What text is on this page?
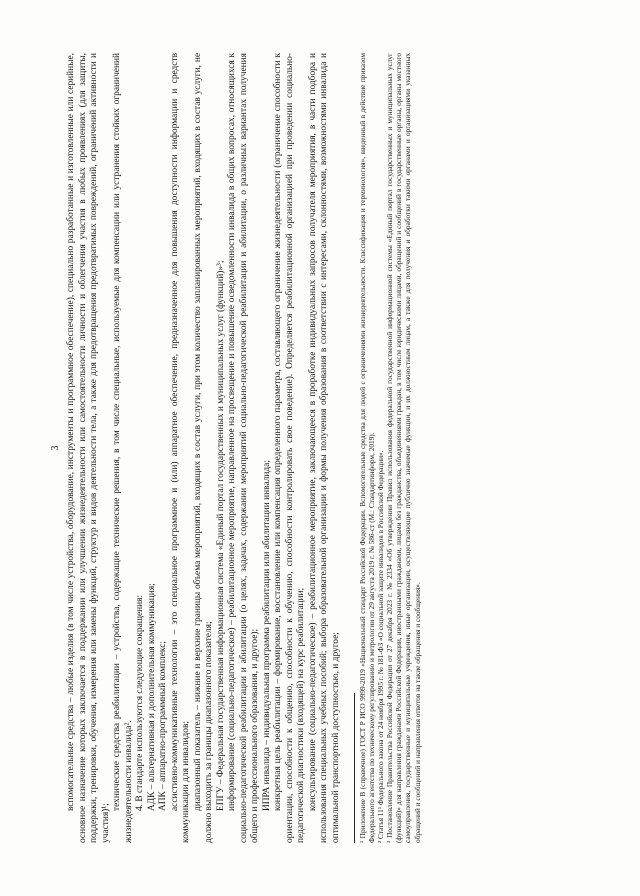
3 вспомогательные средства – любые изделия (в том числе устройства, оборудование, инструменты и программное обеспечение), специально разработанные и изготовленные или серийные, основное назначение которых заключается в поддержании или улучшении жизнедеятельности или самостоятельности личности и облегчения участия в любых проявлениях (для защиты, поддержки, тренировки, обучения, измерения или замены функций, структур и видов деятельности тела, а также для предотвращения предотвратимых повреждений, ограничений активности и участия)¹;

технические средства реабилитации – устройства, содержащие технические решения, в том числе специальные, используемые для компенсации или устранения стойких ограничений жизнедеятельности инвалида². 4. В стандарте используются следующие сокращения: АДК – альтернативная и дополнительная коммуникация; АПК – аппаратно-программный комплекс; ассистивно-коммуникативные технологии – это специальное программное и (или) аппаратное обеспечение, предназначенное для повышения доступности информации и средств коммуникации для инвалидов; диапазонный показатель – нижние и верхние границы объема мероприятий, входящих в состав услуги, при этом количество запланированных мероприятий, входящих в состав услуги, не должно выходить за границы диапазонного показателя; ЕПГУ – Федеральная государственная информационная система «Единый портал государственных и муниципальных услуг (функций)»³; информирование (социально-педагогическое) – реабилитационное мероприятие, направленное на просвещение и повышение осведомленности инвалида в общих вопросах, относящихся к социально-педагогической реабилитации и абилитации (о целях, задачах, содержании мероприятий социально-педагогической реабилитации и абилитации, о различных вариантах получения общего и профессионального образования, и другое); ИПРА инвалида – индивидуальная программа реабилитации или абилитации инвалида; конкретная цель реабилитации – формирование, восстановление или компенсация определенного параметра, составляющего ограничение жизнедеятельности (ограничение способности к ориентации, способности к общению, способности к обучению, способности контролировать свое поведение). Определяется реабилитационной организацией при проведении социально-педагогической диагностики (входящей) на курс реабилитации; консультирование (социально-педагогическое) – реабилитационное мероприятие, заключающееся в проработке индивидуальных запросов получателя мероприятия, в части подбора и использования специальных учебных пособий; выбора образовательной организации и формы получения образования в соответствии с интересами, склонностями, возможностями инвалида и оптимальной транспортной доступностью, и другое; ¹ Приложение В (справочное) ГОСТ Р ИСО 9999-2019 «Национальный стандарт Российской Федерации. Вспомогательные средства для людей с ограничениями жизнедеятельности. Классификация и терминология», введенный в действие приказом Федерального агентства по техническому регулированию и метрологии от 29 августа 2019 г. № 586-ст (М.: Стандартинформ, 2019). ² Статья 11¹ Федерального закона от 24 ноября 1995 г. № 181-ФЗ «О социальной защите инвалидов в Российской Федерации». ³ Постановление Правительства Российской Федерации от 27 декабря 2023 г. № 2334 «Об утверждении Правил использования федеральной государственной информационной системы «Единый портал государственных и муниципальных услуг (функций)» для направления гражданами Российской Федерации, иностранными гражданами, лицами без гражданства, объединениями граждан, в том числе юридическими лицами, обращений и сообщений в государственные органы, органы местного самоуправления, государственные и муниципальные учреждения, иные организации, осуществляющие публично значимые функции, и их должностным лицам, а также для получения и обработки такими органами и организациями указанных обращений и сообщений и направления ответов на такие обращения и сообщения».
